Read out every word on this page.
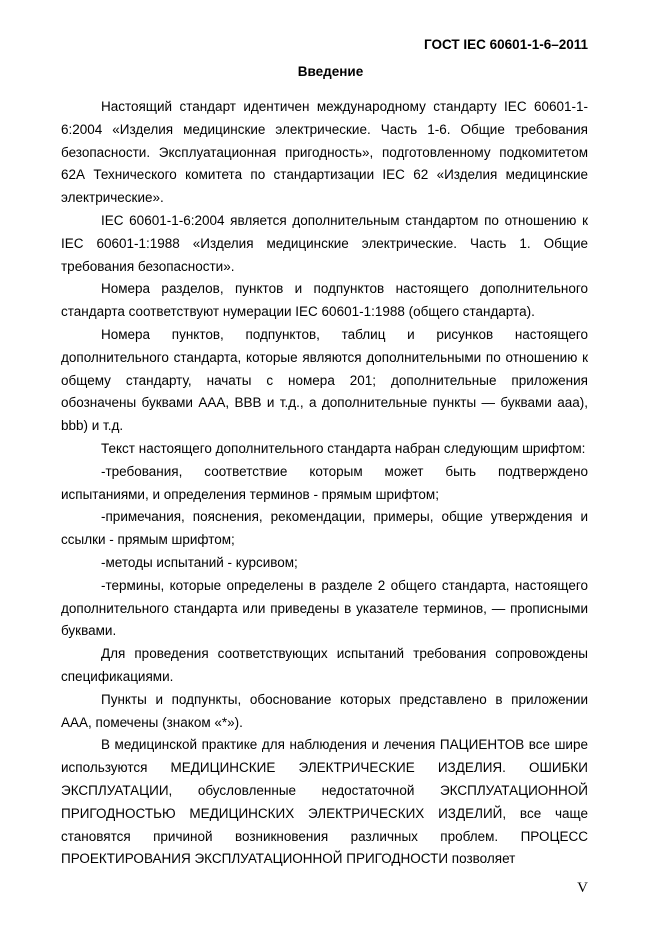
ГОСТ IEC 60601-1-6–2011

Введение

Настоящий стандарт идентичен международному стандарту IEC 60601-1-6:2004 «Изделия медицинские электрические. Часть 1-6. Общие требования безопасности. Эксплуатационная пригодность», подготовленному подкомитетом 62А Технического комитета по стандартизации IEC 62 «Изделия медицинские электрические».

IEC 60601-1-6:2004 является дополнительным стандартом по отношению к IEC 60601-1:1988 «Изделия медицинские электрические. Часть 1. Общие требования безопасности».

Номера разделов, пунктов и подпунктов настоящего дополнительного стандарта соответствуют нумерации IEC 60601-1:1988 (общего стандарта).

Номера пунктов, подпунктов, таблиц и рисунков настоящего дополнительного стандарта, которые являются дополнительными по отношению к общему стандарту, начаты с номера 201; дополнительные приложения обозначены буквами ААА, ВВВ и т.д., а дополнительные пункты — буквами ааа), bbb) и т.д.

Текст настоящего дополнительного стандарта набран следующим шрифтом:

-требования, соответствие которым может быть подтверждено испытаниями, и определения терминов - прямым шрифтом;

-примечания, пояснения, рекомендации, примеры, общие утверждения и ссылки - прямым шрифтом;

-методы испытаний - курсивом;

-термины, которые определены в разделе 2 общего стандарта, настоящего дополнительного стандарта или приведены в указателе терминов, — прописными буквами.

Для проведения соответствующих испытаний требования сопровождены спецификациями.

Пункты и подпункты, обоснование которых представлено в приложении ААА, помечены (знаком «*»).

В медицинской практике для наблюдения и лечения ПАЦИЕНТОВ все шире используются МЕДИЦИНСКИЕ ЭЛЕКТРИЧЕСКИЕ ИЗДЕЛИЯ. ОШИБКИ ЭКСПЛУАТАЦИИ, обусловленные недостаточной ЭКСПЛУАТАЦИОННОЙ ПРИГОДНОСТЬЮ МЕДИЦИНСКИХ ЭЛЕКТРИЧЕСКИХ ИЗДЕЛИЙ, все чаще становятся причиной возникновения различных проблем. ПРОЦЕСС ПРОЕКТИРОВАНИЯ ЭКСПЛУАТАЦИОННОЙ ПРИГОДНОСТИ позволяет

V
